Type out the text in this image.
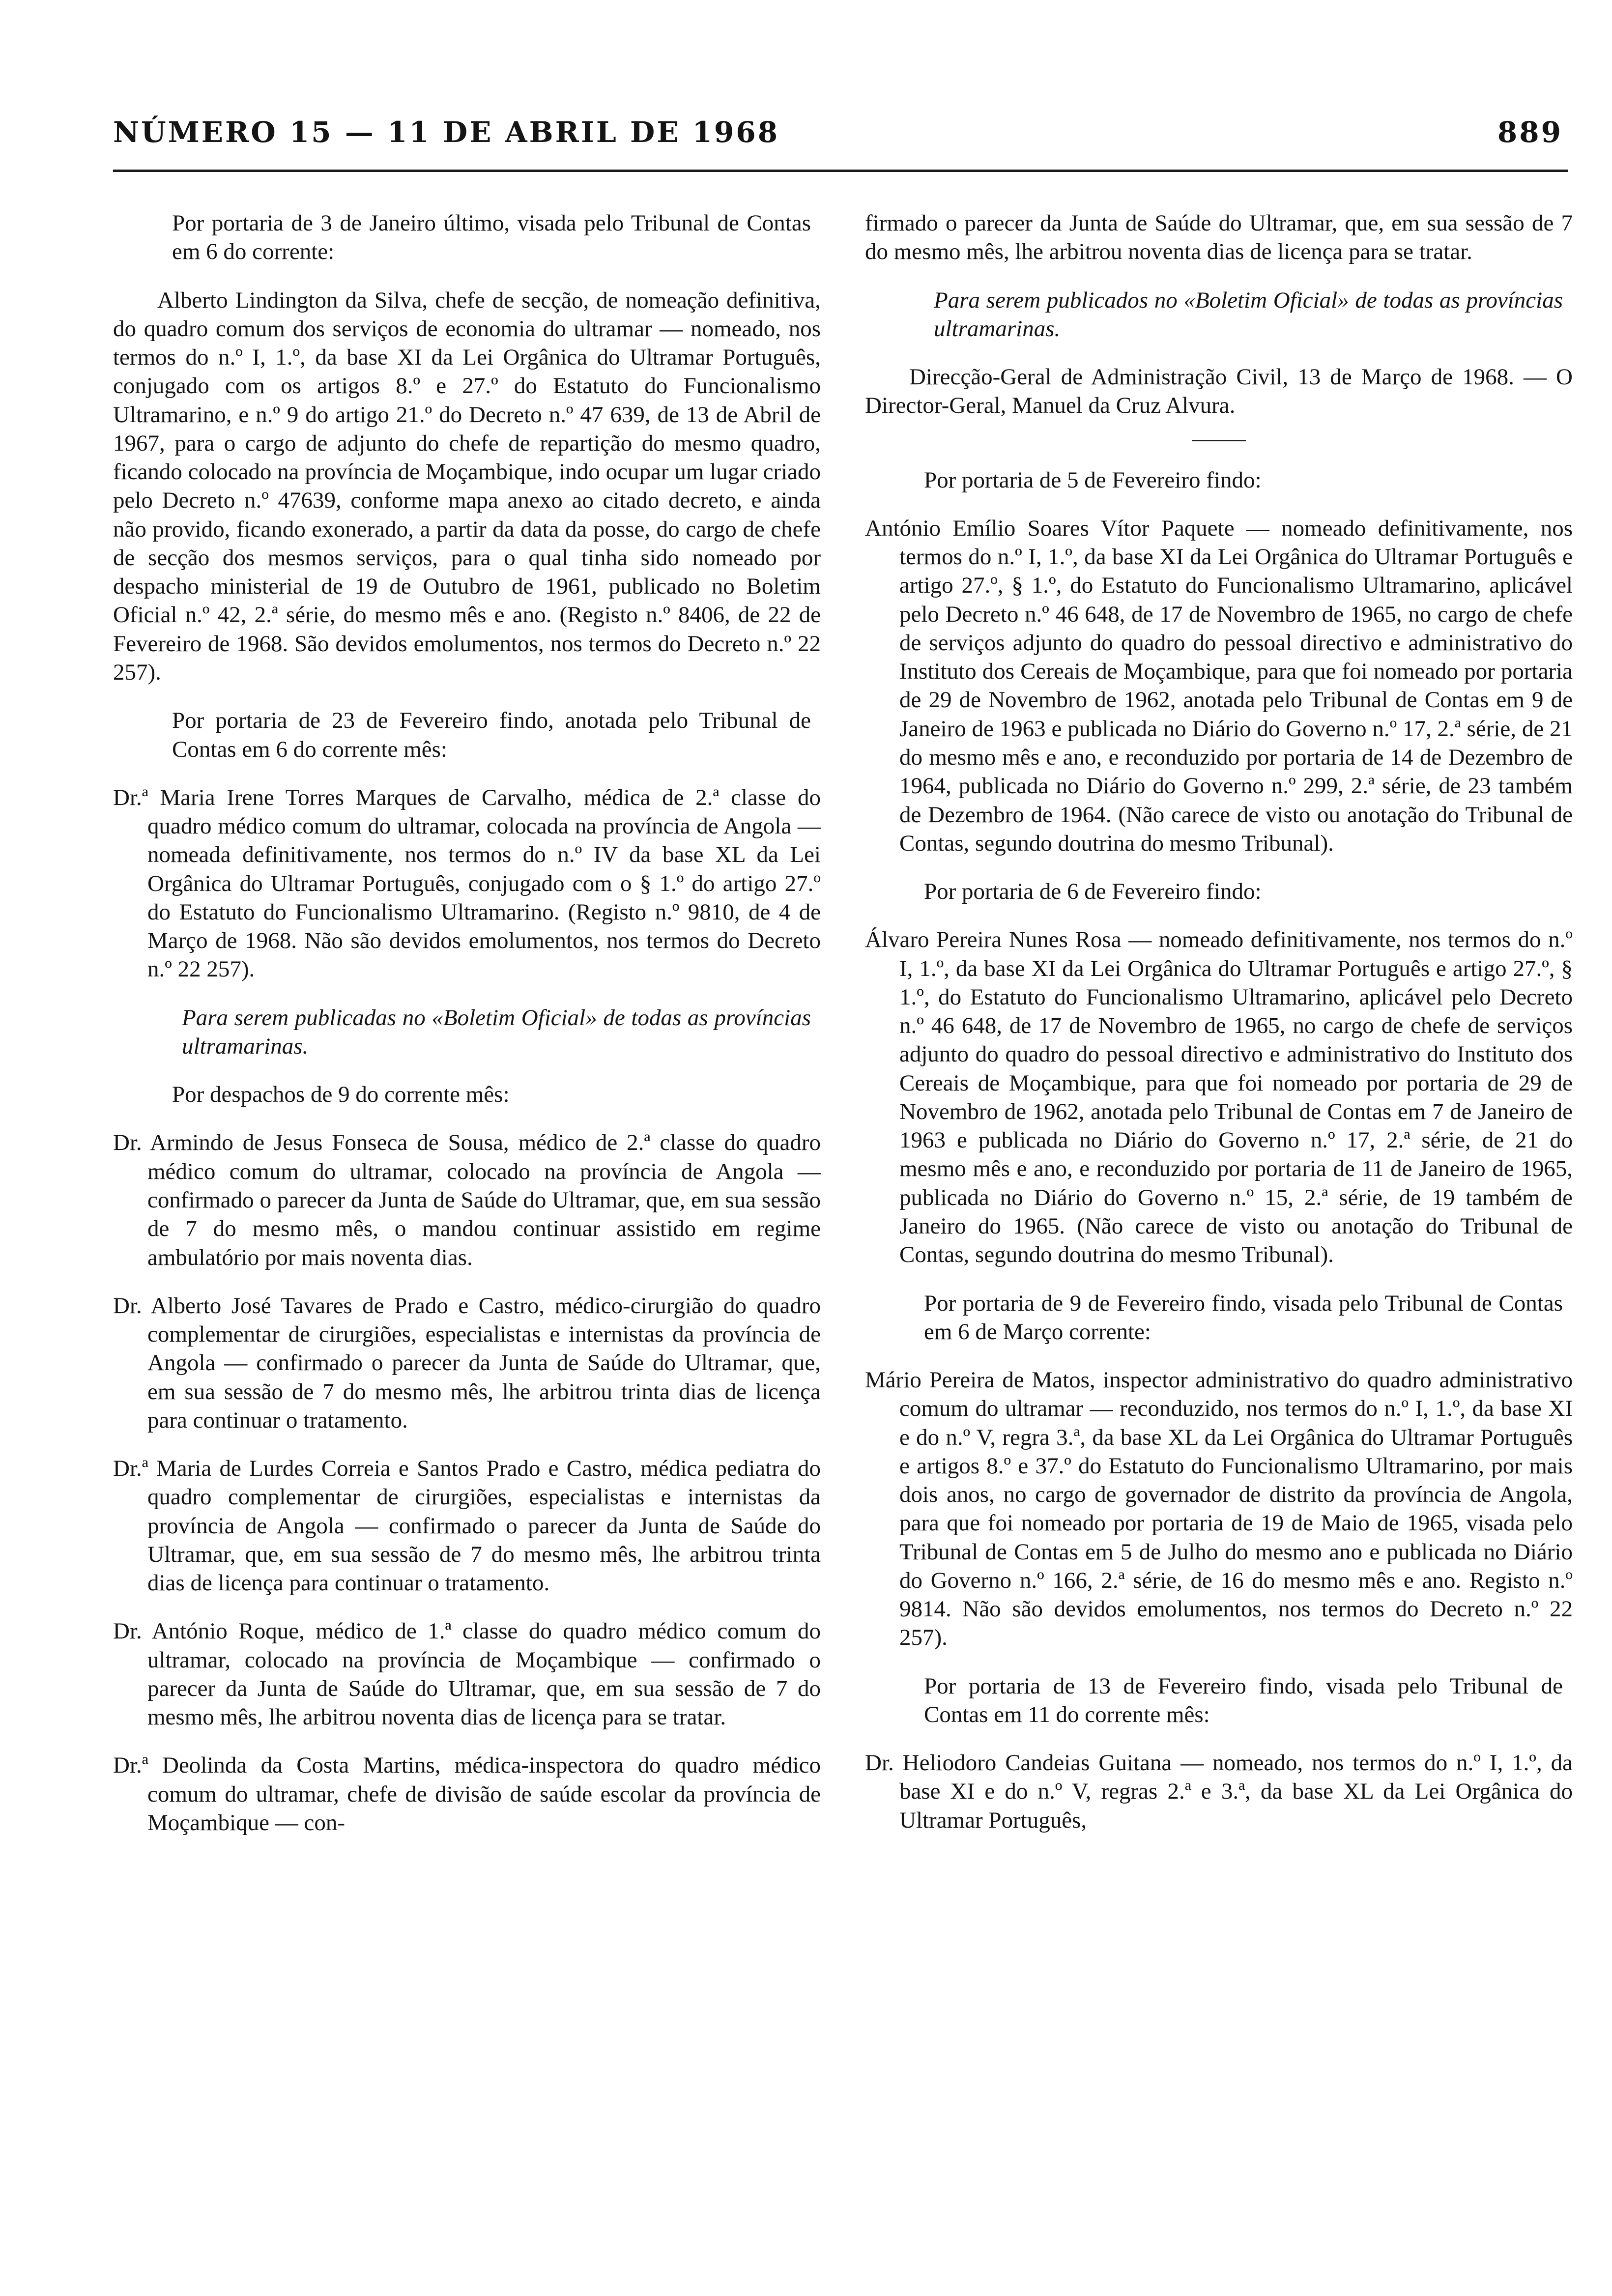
NÚMERO 15 — 11 DE ABRIL DE 1968	889

Por portaria de 3 de Janeiro último, visada pelo Tribunal de Contas em 6 do corrente:

Alberto Lindington da Silva, chefe de secção, de nomeação definitiva, do quadro comum dos serviços de economia do ultramar — nomeado, nos termos do n.º I, 1.º, da base XI da Lei Orgânica do Ultramar Português, conjugado com os artigos 8.º e 27.º do Estatuto do Funcionalismo Ultramarino, e n.º 9 do artigo 21.º do Decreto n.º 47 639, de 13 de Abril de 1967, para o cargo de adjunto do chefe de repartição do mesmo quadro, ficando colocado na província de Moçambique, indo ocupar um lugar criado pelo Decreto n.º 47639, conforme mapa anexo ao citado decreto, e ainda não provido, ficando exonerado, a partir da data da posse, do cargo de chefe de secção dos mesmos serviços, para o qual tinha sido nomeado por despacho ministerial de 19 de Outubro de 1961, publicado no Boletim Oficial n.º 42, 2.ª série, do mesmo mês e ano. (Registo n.º 8406, de 22 de Fevereiro de 1968. São devidos emolumentos, nos termos do Decreto n.º 22 257).

Por portaria de 23 de Fevereiro findo, anotada pelo Tribunal de Contas em 6 do corrente mês:

Dr.ª Maria Irene Torres Marques de Carvalho, médica de 2.ª classe do quadro médico comum do ultramar, colocada na província de Angola — nomeada definitivamente, nos termos do n.º IV da base XL da Lei Orgânica do Ultramar Português, conjugado com o § 1.º do artigo 27.º do Estatuto do Funcionalismo Ultramarino. (Registo n.º 9810, de 4 de Março de 1968. Não são devidos emolumentos, nos termos do Decreto n.º 22 257).

Para serem publicadas no «Boletim Oficial» de todas as províncias ultramarinas.

Por despachos de 9 do corrente mês:

Dr. Armindo de Jesus Fonseca de Sousa, médico de 2.ª classe do quadro médico comum do ultramar, colocado na província de Angola — confirmado o parecer da Junta de Saúde do Ultramar, que, em sua sessão de 7 do mesmo mês, o mandou continuar assistido em regime ambulatório por mais noventa dias.

Dr. Alberto José Tavares de Prado e Castro, médico-cirurgião do quadro complementar de cirurgiões, especialistas e internistas da província de Angola — confirmado o parecer da Junta de Saúde do Ultramar, que, em sua sessão de 7 do mesmo mês, lhe arbitrou trinta dias de licença para continuar o tratamento.

Dr.ª Maria de Lurdes Correia e Santos Prado e Castro, médica pediatra do quadro complementar de cirurgiões, especialistas e internistas da província de Angola — confirmado o parecer da Junta de Saúde do Ultramar, que, em sua sessão de 7 do mesmo mês, lhe arbitrou trinta dias de licença para continuar o tratamento.

Dr. António Roque, médico de 1.ª classe do quadro médico comum do ultramar, colocado na província de Moçambique — confirmado o parecer da Junta de Saúde do Ultramar, que, em sua sessão de 7 do mesmo mês, lhe arbitrou noventa dias de licença para se tratar.

Dr.ª Deolinda da Costa Martins, médica-inspectora do quadro médico comum do ultramar, chefe de divisão de saúde escolar da província de Moçambique — con-

firmado o parecer da Junta de Saúde do Ultramar, que, em sua sessão de 7 do mesmo mês, lhe arbitrou noventa dias de licença para se tratar.

Para serem publicados no «Boletim Oficial» de todas as províncias ultramarinas.

Direcção-Geral de Administração Civil, 13 de Março de 1968. — O Director-Geral, Manuel da Cruz Alvura.

Por portaria de 5 de Fevereiro findo:

António Emílio Soares Vítor Paquete — nomeado definitivamente, nos termos do n.º I, 1.º, da base XI da Lei Orgânica do Ultramar Português e artigo 27.º, § 1.º, do Estatuto do Funcionalismo Ultramarino, aplicável pelo Decreto n.º 46 648, de 17 de Novembro de 1965, no cargo de chefe de serviços adjunto do quadro do pessoal directivo e administrativo do Instituto dos Cereais de Moçambique, para que foi nomeado por portaria de 29 de Novembro de 1962, anotada pelo Tribunal de Contas em 9 de Janeiro de 1963 e publicada no Diário do Governo n.º 17, 2.ª série, de 21 do mesmo mês e ano, e reconduzido por portaria de 14 de Dezembro de 1964, publicada no Diário do Governo n.º 299, 2.ª série, de 23 também de Dezembro de 1964. (Não carece de visto ou anotação do Tribunal de Contas, segundo doutrina do mesmo Tribunal).

Por portaria de 6 de Fevereiro findo:

Álvaro Pereira Nunes Rosa — nomeado definitivamente, nos termos do n.º I, 1.º, da base XI da Lei Orgânica do Ultramar Português e artigo 27.º, § 1.º, do Estatuto do Funcionalismo Ultramarino, aplicável pelo Decreto n.º 46 648, de 17 de Novembro de 1965, no cargo de chefe de serviços adjunto do quadro do pessoal directivo e administrativo do Instituto dos Cereais de Moçambique, para que foi nomeado por portaria de 29 de Novembro de 1962, anotada pelo Tribunal de Contas em 7 de Janeiro de 1963 e publicada no Diário do Governo n.º 17, 2.ª série, de 21 do mesmo mês e ano, e reconduzido por portaria de 11 de Janeiro de 1965, publicada no Diário do Governo n.º 15, 2.ª série, de 19 também de Janeiro do 1965. (Não carece de visto ou anotação do Tribunal de Contas, segundo doutrina do mesmo Tribunal).

Por portaria de 9 de Fevereiro findo, visada pelo Tribunal de Contas em 6 de Março corrente:

Mário Pereira de Matos, inspector administrativo do quadro administrativo comum do ultramar — reconduzido, nos termos do n.º I, 1.º, da base XI e do n.º V, regra 3.ª, da base XL da Lei Orgânica do Ultramar Português e artigos 8.º e 37.º do Estatuto do Funcionalismo Ultramarino, por mais dois anos, no cargo de governador de distrito da província de Angola, para que foi nomeado por portaria de 19 de Maio de 1965, visada pelo Tribunal de Contas em 5 de Julho do mesmo ano e publicada no Diário do Governo n.º 166, 2.ª série, de 16 do mesmo mês e ano. Registo n.º 9814. Não são devidos emolumentos, nos termos do Decreto n.º 22 257).

Por portaria de 13 de Fevereiro findo, visada pelo Tribunal de Contas em 11 do corrente mês:

Dr. Heliodoro Candeias Guitana — nomeado, nos termos do n.º I, 1.º, da base XI e do n.º V, regras 2.ª e 3.ª, da base XL da Lei Orgânica do Ultramar Português,
